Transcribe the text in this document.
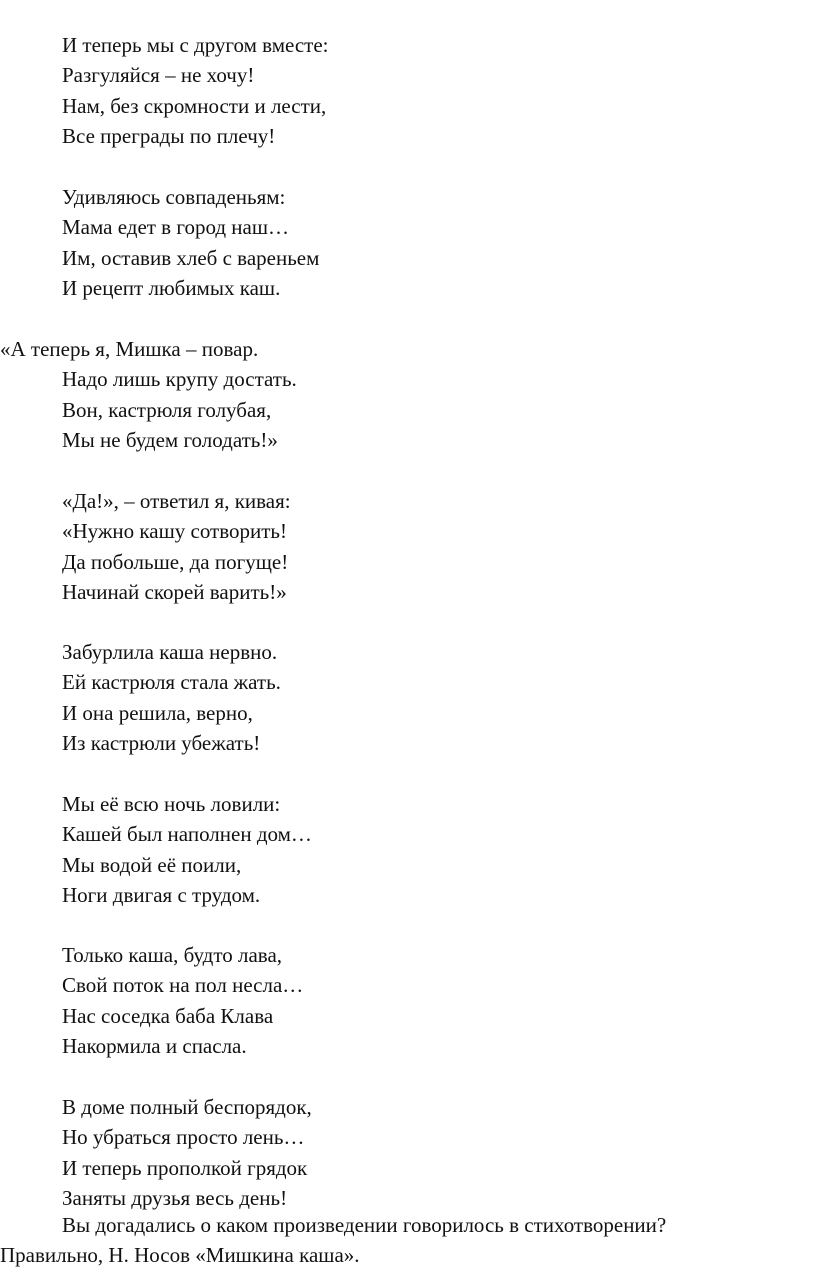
И теперь мы с другом вместе:
Разгуляйся – не хочу!
Нам, без скромности и лести,
Все преграды по плечу!
Удивляюсь совпаденьям:
Мама едет в город наш…
Им, оставив хлеб с вареньем
И рецепт любимых каш.
«А теперь я, Мишка – повар.
Надо лишь крупу достать.
Вон, кастрюля голубая,
Мы не будем голодать!»
«Да!», – ответил я, кивая:
«Нужно кашу сотворить!
Да побольше, да погуще!
Начинай скорей варить!»
Забурлила каша нервно.
Ей кастрюля стала жать.
И она решила, верно,
Из кастрюли убежать!
Мы её всю ночь ловили:
Кашей был наполнен дом…
Мы водой её поили,
Ноги двигая с трудом.
Только каша, будто лава,
Свой поток на пол несла…
Нас соседка баба Клава
Накормила и спасла.
В доме полный беспорядок,
Но убраться просто лень…
И теперь прополкой грядок
Заняты друзья весь день!
Вы догадались о каком произведении говорилось в стихотворении?
Правильно, Н. Носов «Мишкина каша».
